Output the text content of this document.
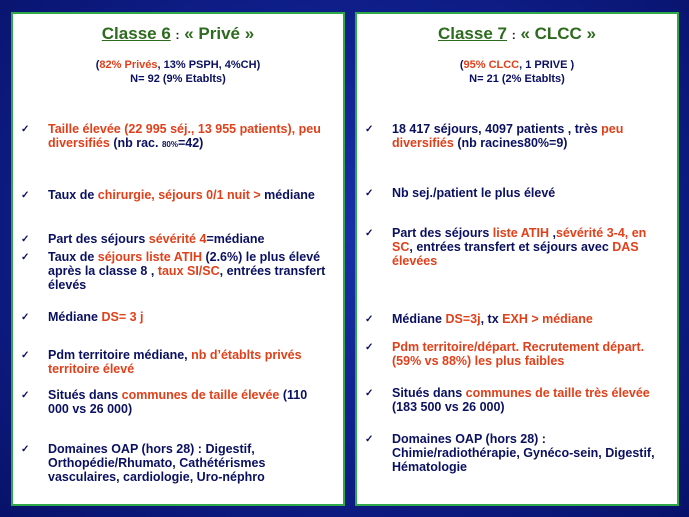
Classe 6 : « Privé »
(82% Privés, 13% PSPH, 4%CH)
N= 92 (9% Etablts)
✓ Taille élevée (22 995 séj., 13 955 patients), peu diversifiés (nb rac. 80%=42)
✓ Taux de chirurgie, séjours 0/1 nuit > médiane
✓ Part des séjours sévérité 4=médiane
✓ Taux de séjours liste ATIH (2.6%) le plus élevé après la classe 8 , taux SI/SC, entrées transfert élevés
✓ Médiane DS= 3 j
✓ Pdm territoire médiane, nb d’établts privés territoire élevé
✓ Situés dans communes de taille élevée (110 000 vs 26 000)
✓ Domaines OAP (hors 28) : Digestif, Orthopédie/Rhumato, Cathétérismes vasculaires, cardiologie, Uro-néphro
Classe 7 : « CLCC »
(95% CLCC, 1 PRIVE )
N= 21 (2% Etablts)
✓ 18 417 séjours, 4097 patients , très peu diversifiés (nb racines80%=9)
✓ Nb sej./patient le plus élevé
✓ Part des séjours liste ATIH ,sévérité 3-4, en SC, entrées transfert et séjours avec DAS élevées
✓ Médiane DS=3j, tx EXH > médiane
✓ Pdm territoire/départ. Recrutement départ. (59% vs 88%) les plus faibles
✓ Situés dans communes de taille très élevée (183 500 vs 26 000)
✓ Domaines OAP (hors 28) : Chimie/radiothérapie, Gynéco-sein, Digestif, Hématologie
